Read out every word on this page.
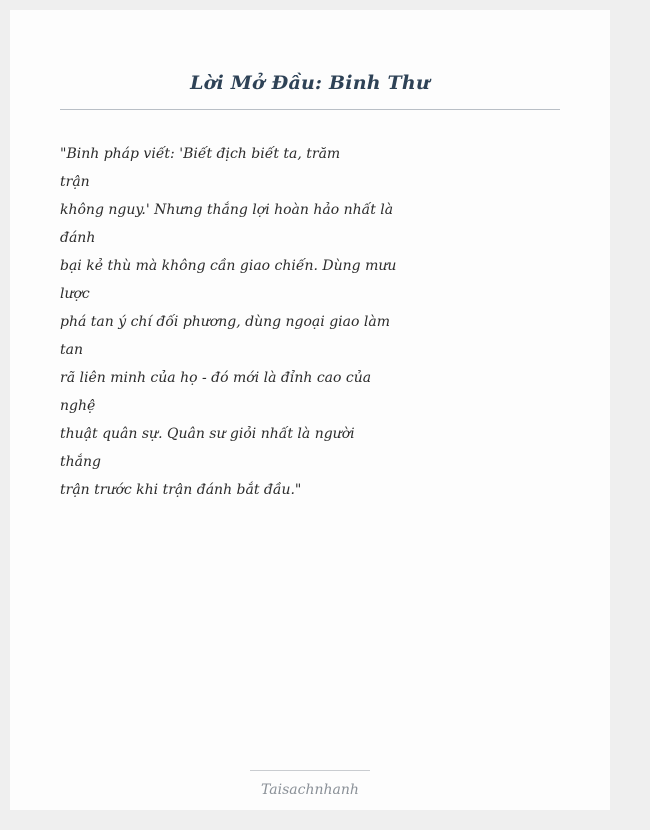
Lời Mở Đầu: Binh Thư
"Binh pháp viết: 'Biết địch biết ta, trăm
trận
không nguy.' Nhưng thắng lợi hoàn hảo nhất là
đánh
bại kẻ thù mà không cần giao chiến. Dùng mưu
lược
phá tan ý chí đối phương, dùng ngoại giao làm
tan
rã liên minh của họ - đó mới là đỉnh cao của
nghệ
thuật quân sự. Quân sư giỏi nhất là người
thắng
trận trước khi trận đánh bắt đầu."
Taisachnhanh
